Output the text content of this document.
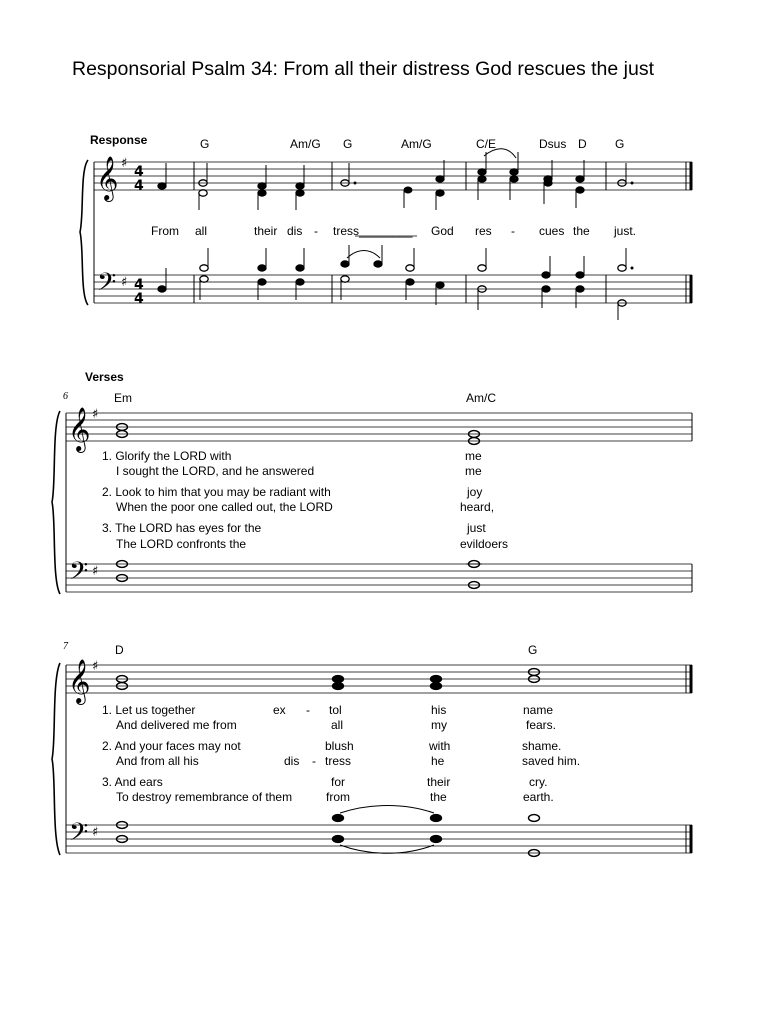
Responsorial Psalm 34: From all their distress God rescues the just
Response	G	Am/G G	Am/G	C/E	Dsus D G
From all	their dis - tress________ God res - cues the just.
Verses
6	Em	Am/C
1. Glorify the LORD with	me
I sought the LORD, and he answered	me
2. Look to him that you may be radiant with	joy
When the poor one called out, the LORD	heard,
3. The LORD has eyes for the	just
The LORD confronts the	evildoers
7	D	G
1. Let us together	ex - tol	his	name
And delivered me from	all	my	fears.
2. And your faces may not	blush	with	shame.
And from all his	dis - tress	he	saved him.
3. And ears	for	their	cry.
To destroy remembrance of them	from	the	earth.
𝄞
𝄢
𝄞
𝄢
𝄞
𝄢
♯
♯
♯
♯
♯
♯
4
4
4
4
